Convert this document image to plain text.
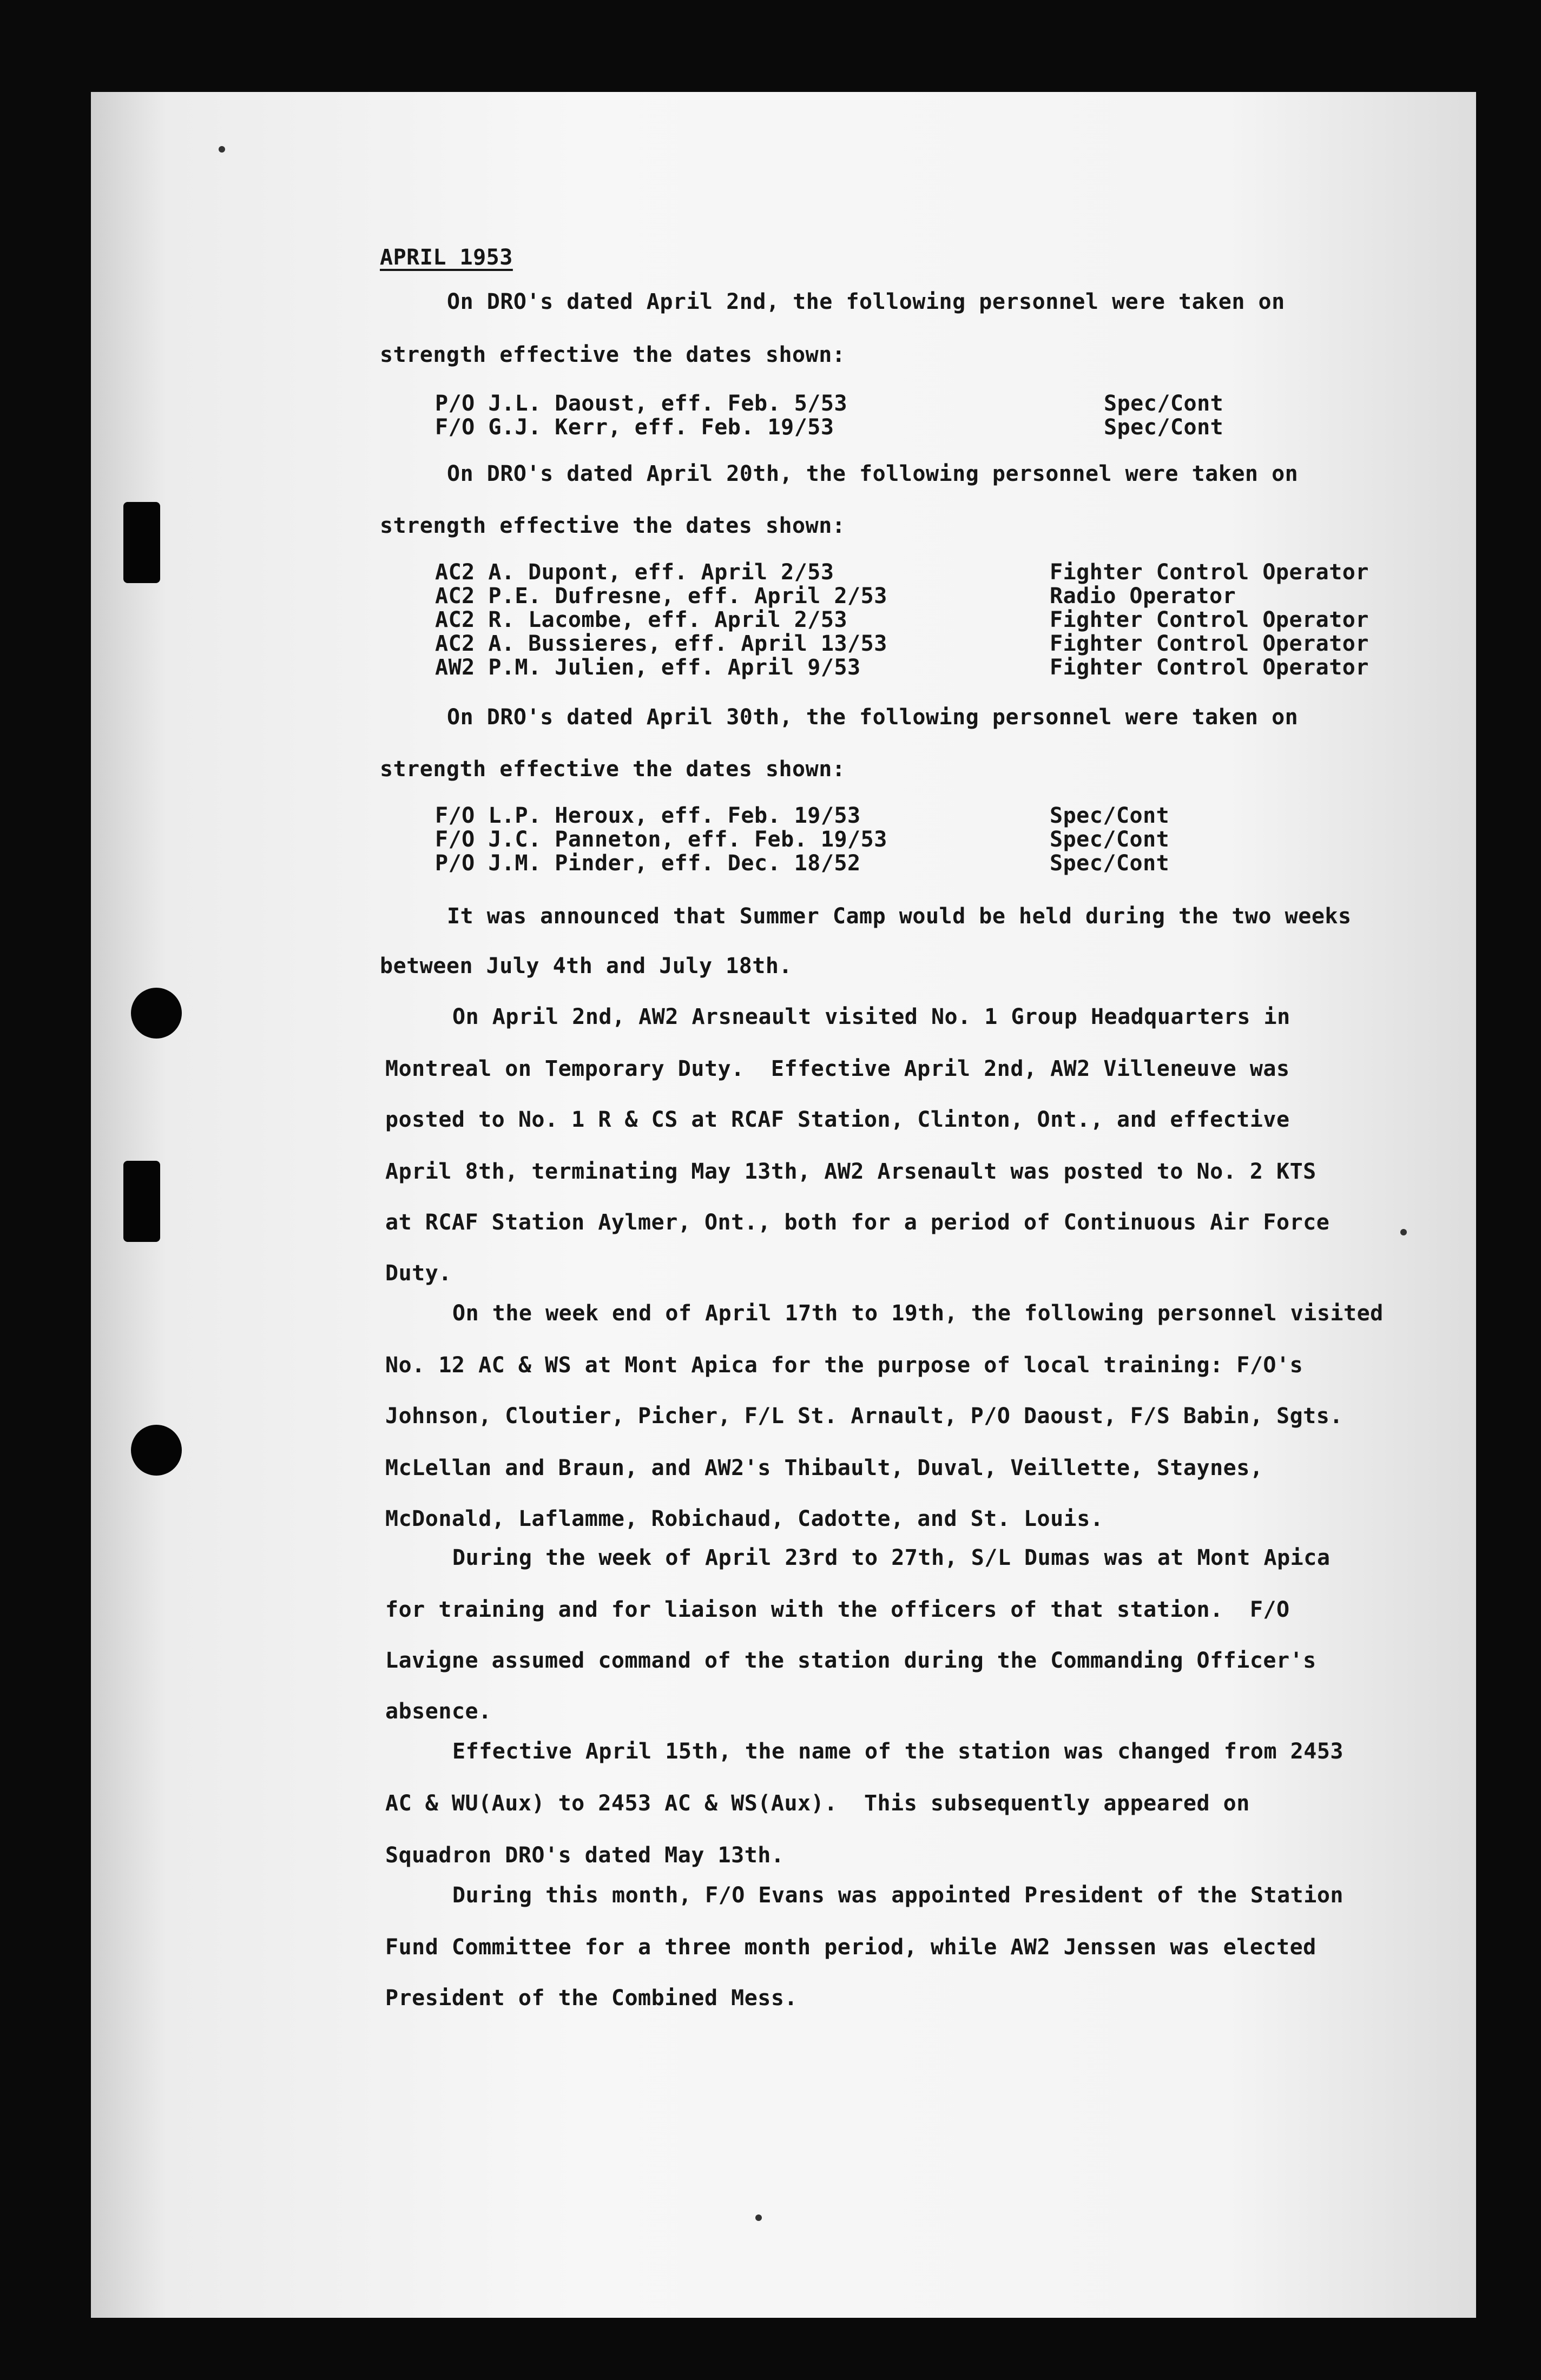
APRIL 1953
On DRO's dated April 2nd, the following personnel were taken on
strength effective the dates shown:
P/O J.L. Daoust, eff. Feb. 5/53	Spec/Cont
F/O G.J. Kerr, eff. Feb. 19/53	Spec/Cont
On DRO's dated April 20th, the following personnel were taken on
strength effective the dates shown:
AC2 A. Dupont, eff. April 2/53	Fighter Control Operator
AC2 P.E. Dufresne, eff. April 2/53	Radio Operator
AC2 R. Lacombe, eff. April 2/53	Fighter Control Operator
AC2 A. Bussieres, eff. April 13/53	Fighter Control Operator
AW2 P.M. Julien, eff. April 9/53	Fighter Control Operator
On DRO's dated April 30th, the following personnel were taken on
strength effective the dates shown:
F/O L.P. Heroux, eff. Feb. 19/53	Spec/Cont
F/O J.C. Panneton, eff. Feb. 19/53	Spec/Cont
P/O J.M. Pinder, eff. Dec. 18/52	Spec/Cont
It was announced that Summer Camp would be held during the two weeks
between July 4th and July 18th.
On April 2nd, AW2 Arsneault visited No. 1 Group Headquarters in
Montreal on Temporary Duty.  Effective April 2nd, AW2 Villeneuve was
posted to No. 1 R & CS at RCAF Station, Clinton, Ont., and effective
April 8th, terminating May 13th, AW2 Arsenault was posted to No. 2 KTS
at RCAF Station Aylmer, Ont., both for a period of Continuous Air Force
Duty.
On the week end of April 17th to 19th, the following personnel visited
No. 12 AC & WS at Mont Apica for the purpose of local training: F/O's
Johnson, Cloutier, Picher, F/L St. Arnault, P/O Daoust, F/S Babin, Sgts.
McLellan and Braun, and AW2's Thibault, Duval, Veillette, Staynes,
McDonald, Laflamme, Robichaud, Cadotte, and St. Louis.
During the week of April 23rd to 27th, S/L Dumas was at Mont Apica
for training and for liaison with the officers of that station.  F/O
Lavigne assumed command of the station during the Commanding Officer's
absence.
Effective April 15th, the name of the station was changed from 2453
AC & WU(Aux) to 2453 AC & WS(Aux).  This subsequently appeared on
Squadron DRO's dated May 13th.
During this month, F/O Evans was appointed President of the Station
Fund Committee for a three month period, while AW2 Jenssen was elected
President of the Combined Mess.
